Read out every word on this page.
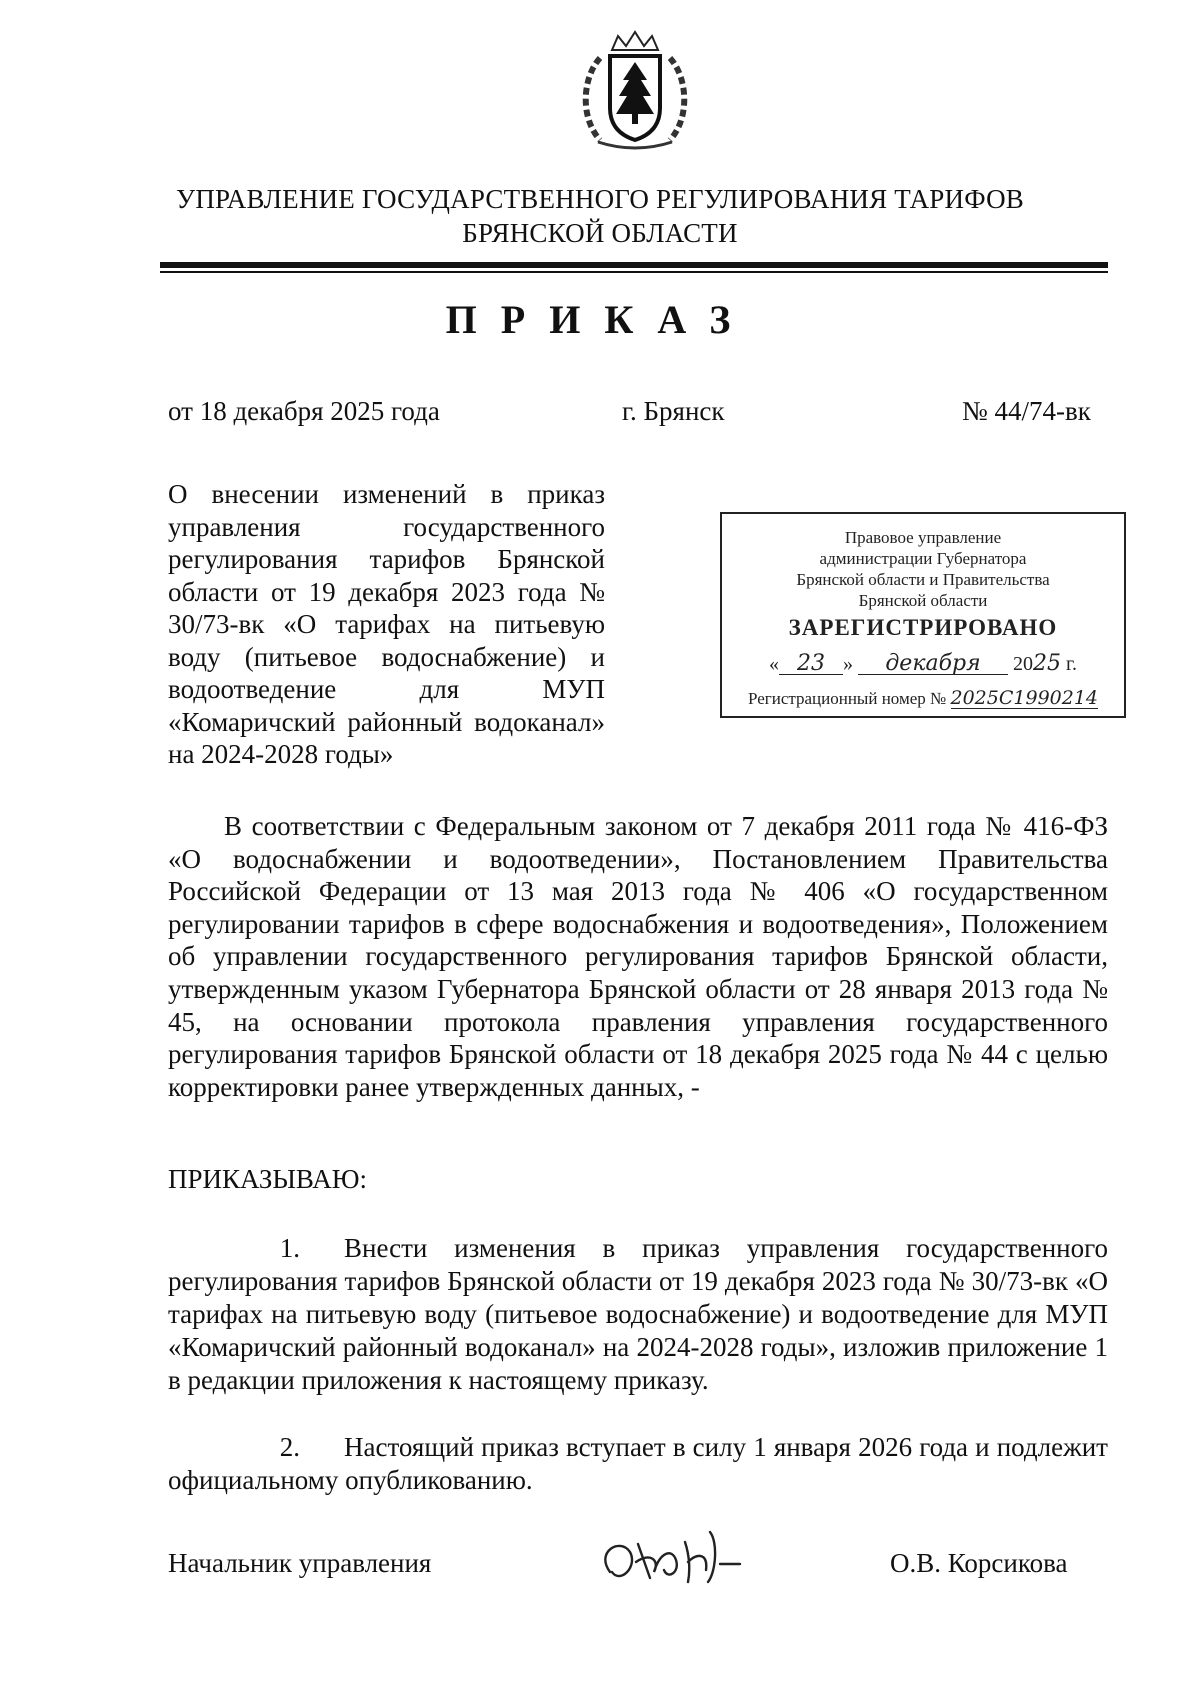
УПРАВЛЕНИЕ ГОСУДАРСТВЕННОГО РЕГУЛИРОВАНИЯ ТАРИФОВ
БРЯНСКОЙ ОБЛАСТИ
ПРИКАЗ
от 18 декабря 2025 года	г. Брянск	№ 44/74-вк
О внесении изменений в приказ управления государственного регулирования тарифов Брянской области от 19 декабря 2023 года № 30/73-вк «О тарифах на питьевую воду (питьевое водоснабжение) и водоотведение для МУП «Комаричский районный водоканал» на 2024-2028 годы»
Правовое управление
администрации Губернатора
Брянской области и Правительства
Брянской области
ЗАРЕГИСТРИРОВАНО
« 23 » декабря 2025 г.
Регистрационный номер № 2025C1990214
В соответствии с Федеральным законом от 7 декабря 2011 года № 416-ФЗ «О водоснабжении и водоотведении», Постановлением Правительства Российской Федерации от 13 мая 2013 года № 406 «О государственном регулировании тарифов в сфере водоснабжения и водоотведения», Положением об управлении государственного регулирования тарифов Брянской области, утвержденным указом Губернатора Брянской области от 28 января 2013 года № 45, на основании протокола правления управления государственного регулирования тарифов Брянской области от 18 декабря 2025 года № 44 с целью корректировки ранее утвержденных данных, -
ПРИКАЗЫВАЮ:
1. Внести изменения в приказ управления государственного регулирования тарифов Брянской области от 19 декабря 2023 года № 30/73-вк «О тарифах на питьевую воду (питьевое водоснабжение) и водоотведение для МУП «Комаричский районный водоканал» на 2024-2028 годы», изложив приложение 1 в редакции приложения к настоящему приказу.
2. Настоящий приказ вступает в силу 1 января 2026 года и подлежит официальному опубликованию.
Начальник управления	О.В. Корсикова
